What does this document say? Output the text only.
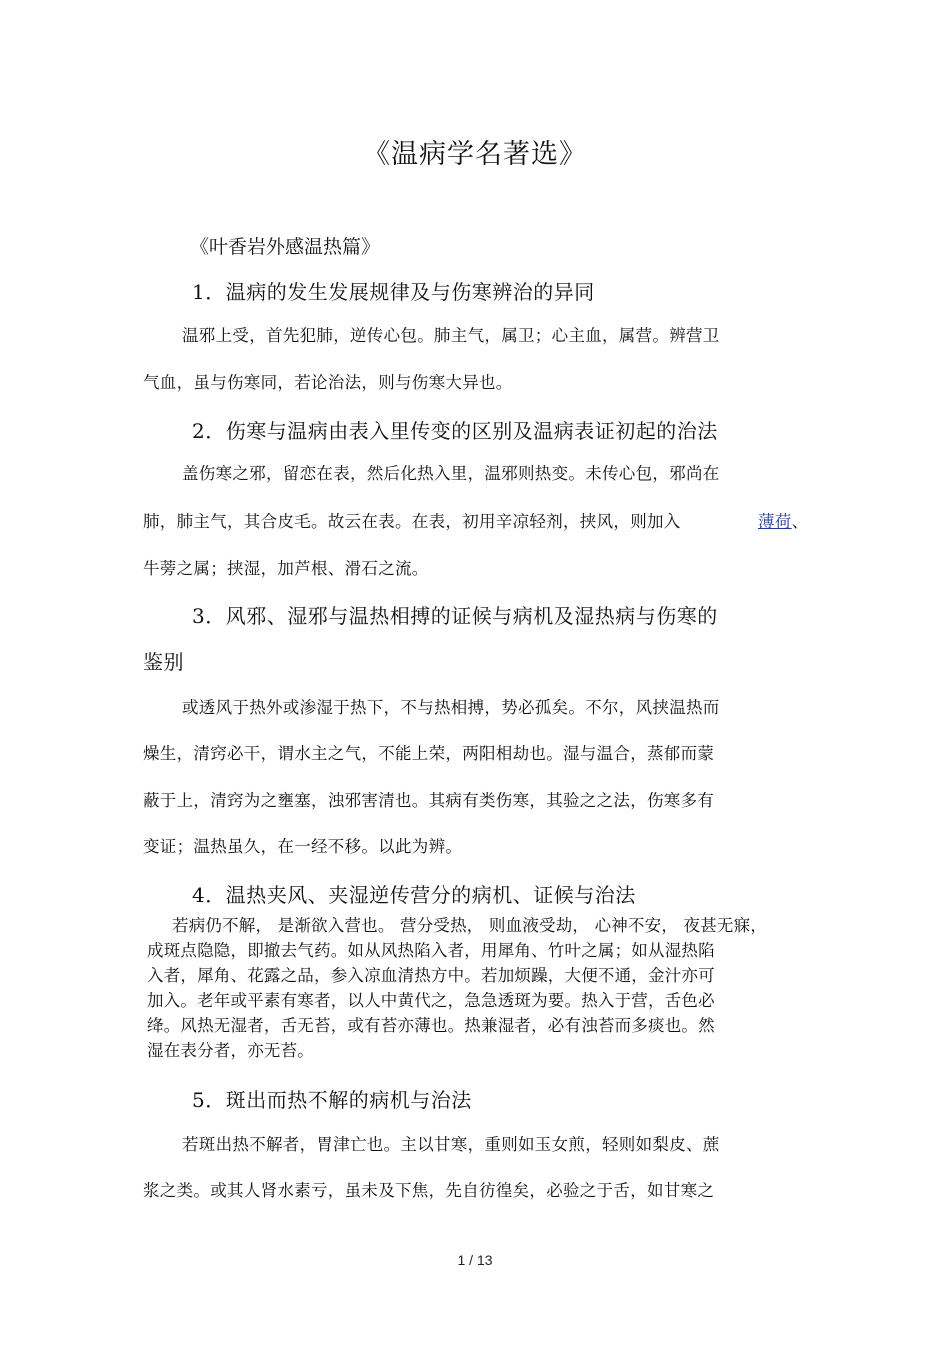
《温病学名著选》
《叶香岩外感温热篇》
1．温病的发生发展规律及与伤寒辨治的异同
温邪上受，首先犯肺，逆传心包。肺主气，属卫；心主血，属营。辨营卫
气血，虽与伤寒同，若论治法，则与伤寒大异也。
2．伤寒与温病由表入里传变的区别及温病表证初起的治法
盖伤寒之邪，留恋在表，然后化热入里，温邪则热变。未传心包，邪尚在
肺，肺主气，其合皮毛。故云在表。在表，初用辛凉轻剂，挟风，则加入	薄荷、
牛蒡之属；挟湿，加芦根、滑石之流。
3．风邪、湿邪与温热相搏的证候与病机及湿热病与伤寒的
鉴别
或透风于热外或渗湿于热下，不与热相搏，势必孤矣。不尔，风挟温热而
燥生，清窍必干，谓水主之气，不能上荣，两阳相劫也。湿与温合，蒸郁而蒙
蔽于上，清窍为之壅塞，浊邪害清也。其病有类伤寒，其验之之法，伤寒多有
变证；温热虽久，在一经不移。以此为辨。
4．温热夹风、夹湿逆传营分的病机、证候与治法
若病仍不解， 是渐欲入营也。 营分受热， 则血液受劫， 心神不安， 夜甚无寐，
成斑点隐隐，即撤去气药。如从风热陷入者，用犀角、竹叶之属；如从湿热陷
入者，犀角、花露之品，参入凉血清热方中。若加烦躁，大便不通，金汁亦可
加入。老年或平素有寒者，以人中黄代之，急急透斑为要。热入于营，舌色必
绛。风热无湿者，舌无苔，或有苔亦薄也。热兼湿者，必有浊苔而多痰也。然
湿在表分者，亦无苔。
5．斑出而热不解的病机与治法
若斑出热不解者，胃津亡也。主以甘寒，重则如玉女煎，轻则如梨皮、蔗
浆之类。或其人肾水素亏，虽未及下焦，先自彷徨矣，必验之于舌，如甘寒之
1 / 13
